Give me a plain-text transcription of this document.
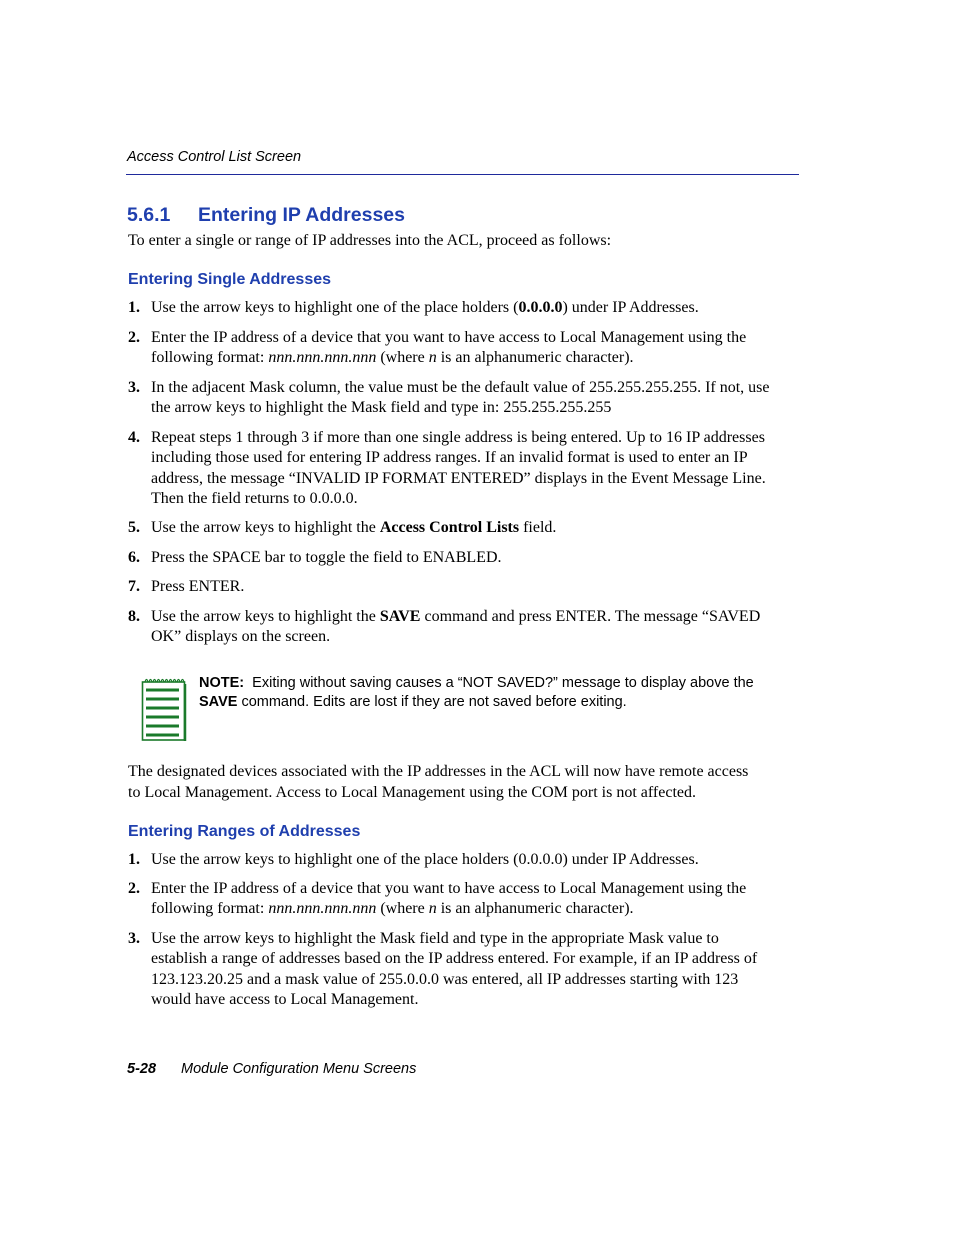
Access Control List Screen
5.6.1 Entering IP Addresses
To enter a single or range of IP addresses into the ACL, proceed as follows:
Entering Single Addresses
1. Use the arrow keys to highlight one of the place holders (0.0.0.0) under IP Addresses.
2. Enter the IP address of a device that you want to have access to Local Management using the
following format: nnn.nnn.nnn.nnn (where n is an alphanumeric character).
3. In the adjacent Mask column, the value must be the default value of 255.255.255.255. If not, use
the arrow keys to highlight the Mask field and type in: 255.255.255.255
4. Repeat steps 1 through 3 if more than one single address is being entered. Up to 16 IP addresses
including those used for entering IP address ranges. If an invalid format is used to enter an IP
address, the message “INVALID IP FORMAT ENTERED” displays in the Event Message Line.
Then the field returns to 0.0.0.0.
5. Use the arrow keys to highlight the Access Control Lists field.
6. Press the SPACE bar to toggle the field to ENABLED.
7. Press ENTER.
8. Use the arrow keys to highlight the SAVE command and press ENTER. The message “SAVED
OK” displays on the screen.
NOTE: Exiting without saving causes a “NOT SAVED?” message to display above the
SAVE command. Edits are lost if they are not saved before exiting.
The designated devices associated with the IP addresses in the ACL will now have remote access
to Local Management. Access to Local Management using the COM port is not affected.
Entering Ranges of Addresses
1. Use the arrow keys to highlight one of the place holders (0.0.0.0) under IP Addresses.
2. Enter the IP address of a device that you want to have access to Local Management using the
following format: nnn.nnn.nnn.nnn (where n is an alphanumeric character).
3. Use the arrow keys to highlight the Mask field and type in the appropriate Mask value to
establish a range of addresses based on the IP address entered. For example, if an IP address of
123.123.20.25 and a mask value of 255.0.0.0 was entered, all IP addresses starting with 123
would have access to Local Management.
5-28 Module Configuration Menu Screens
